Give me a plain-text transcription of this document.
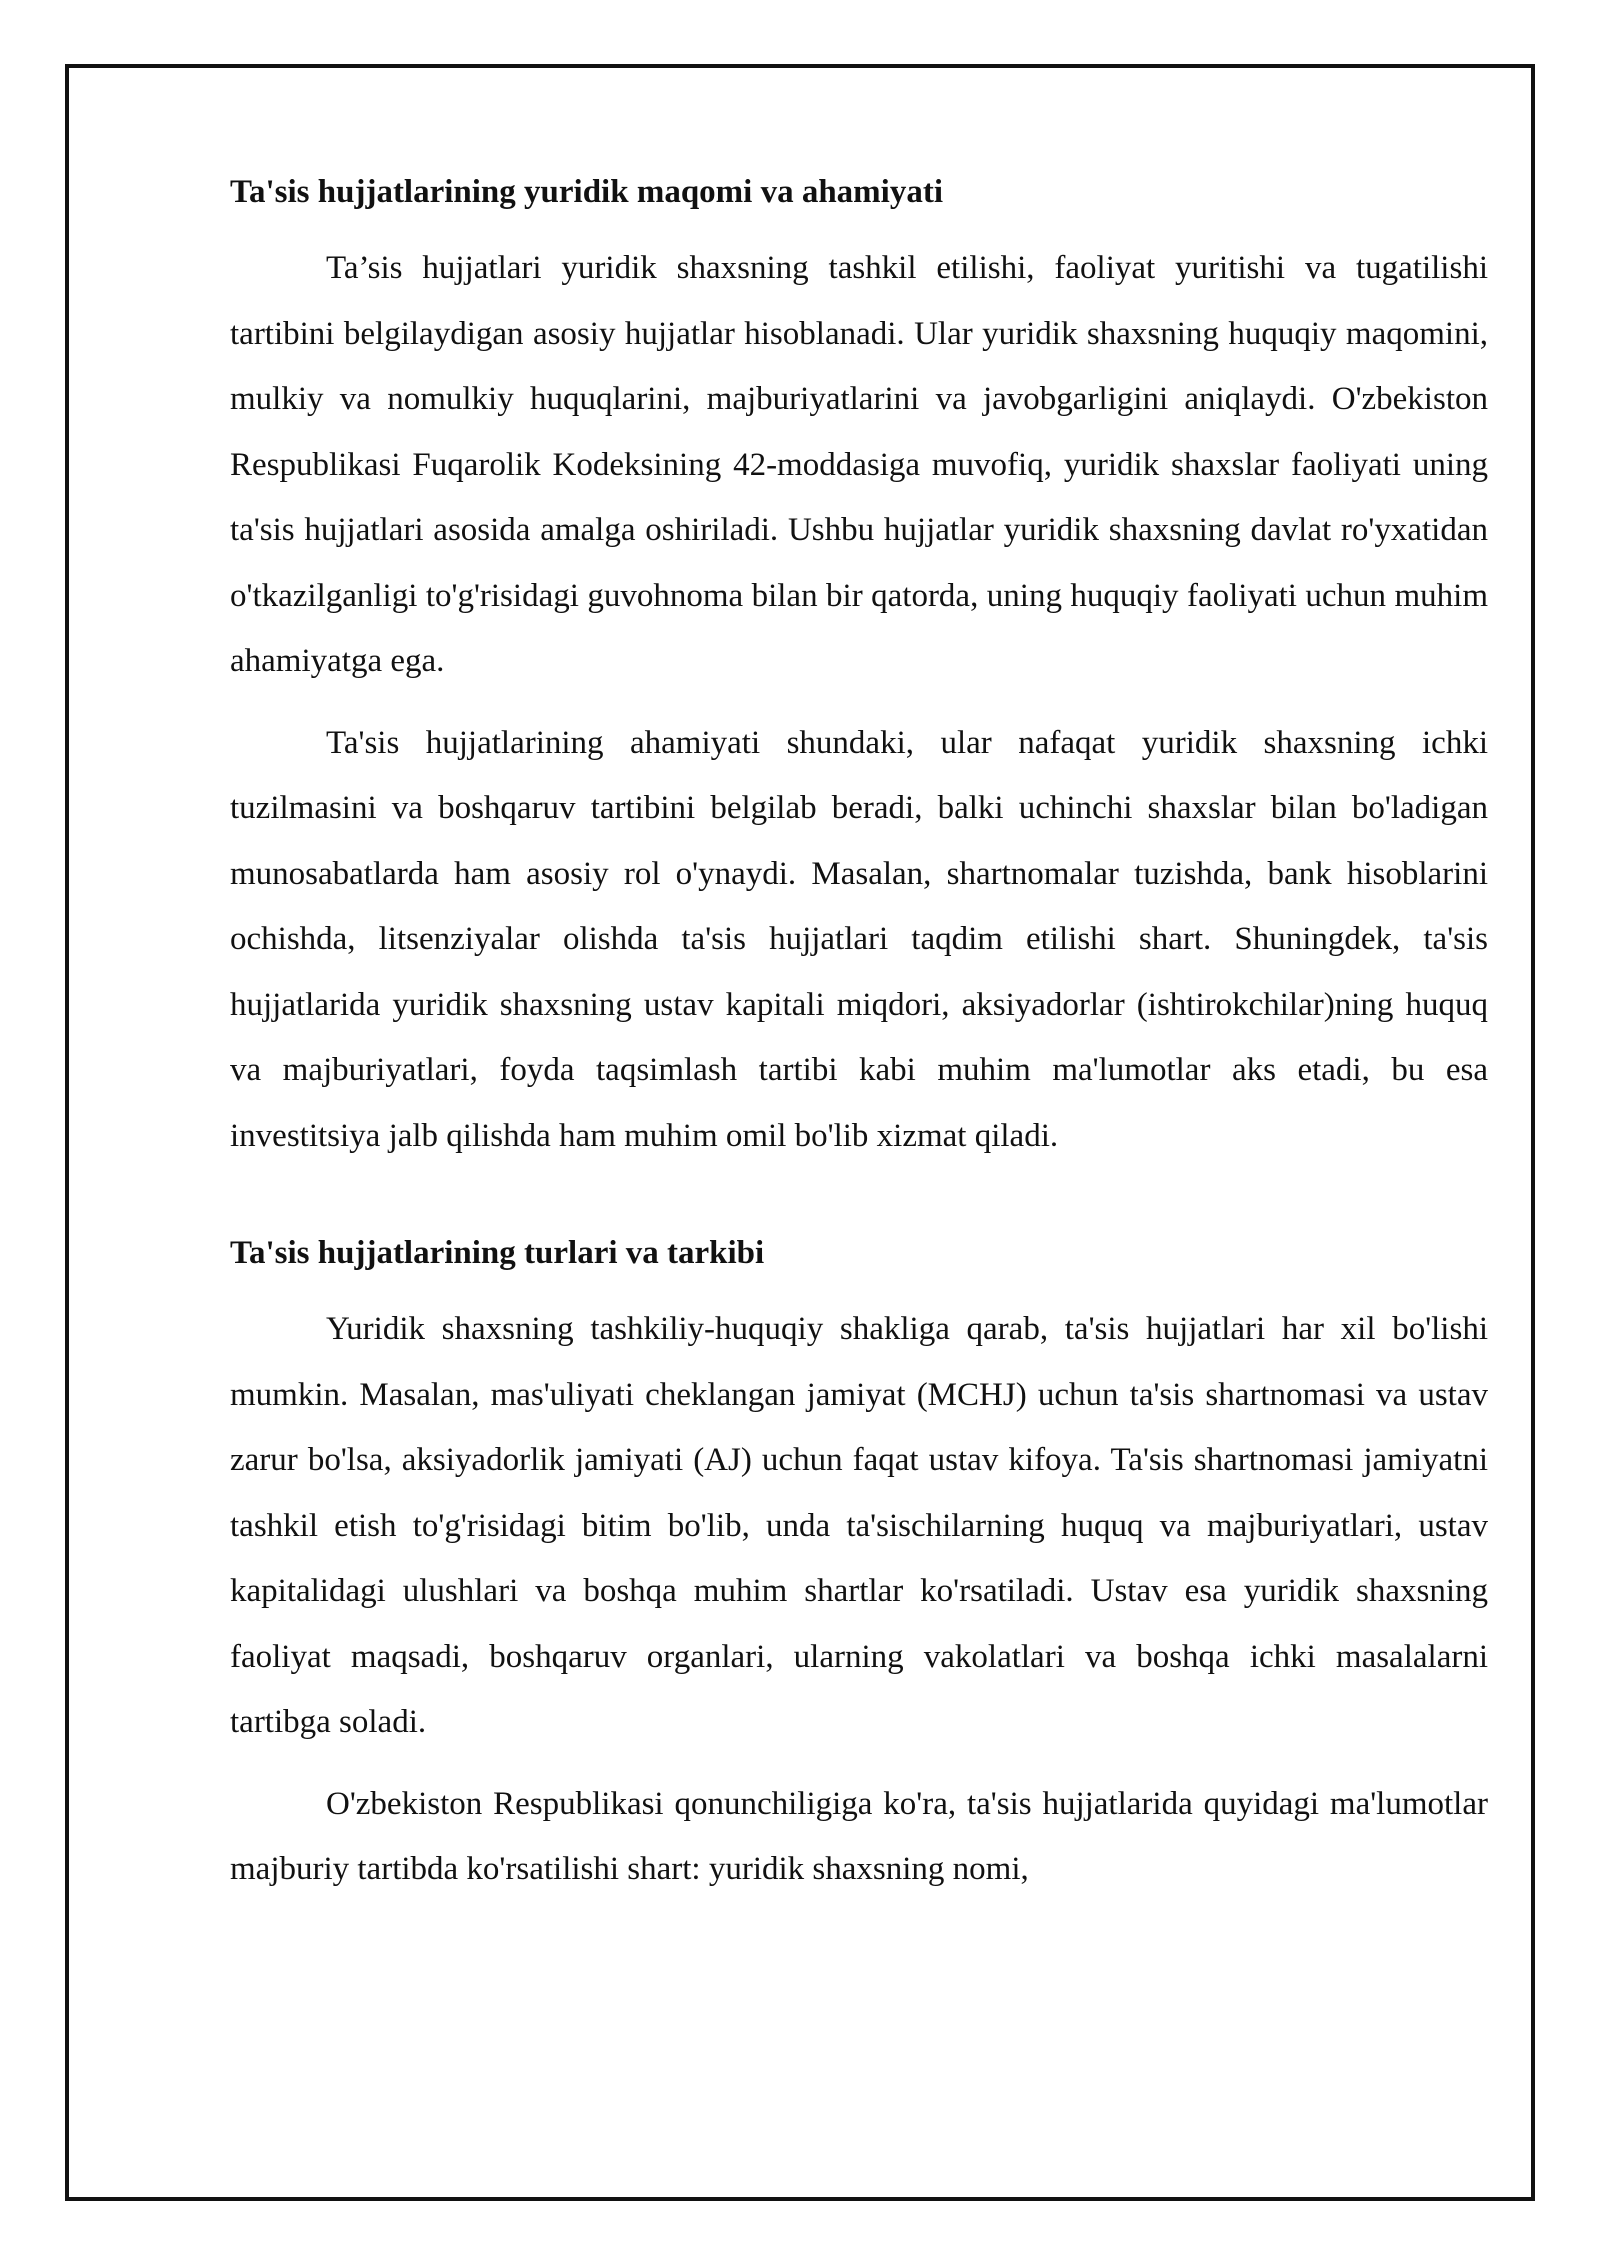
Ta'sis hujjatlarining yuridik maqomi va ahamiyati

Ta’sis hujjatlari yuridik shaxsning tashkil etilishi, faoliyat yuritishi va tugatilishi tartibini belgilaydigan asosiy hujjatlar hisoblanadi. Ular yuridik shaxsning huquqiy maqomini, mulkiy va nomulkiy huquqlarini, majburiyatlarini va javobgarligini aniqlaydi. O'zbekiston Respublikasi Fuqarolik Kodeksining 42-moddasiga muvofiq, yuridik shaxslar faoliyati uning ta'sis hujjatlari asosida amalga oshiriladi. Ushbu hujjatlar yuridik shaxsning davlat ro'yxatidan o'tkazilganligi to'g'risidagi guvohnoma bilan bir qatorda, uning huquqiy faoliyati uchun muhim ahamiyatga ega.

Ta'sis hujjatlarining ahamiyati shundaki, ular nafaqat yuridik shaxsning ichki tuzilmasini va boshqaruv tartibini belgilab beradi, balki uchinchi shaxslar bilan bo'ladigan munosabatlarda ham asosiy rol o'ynaydi. Masalan, shartnomalar tuzishda, bank hisoblarini ochishda, litsenziyalar olishda ta'sis hujjatlari taqdim etilishi shart. Shuningdek, ta'sis hujjatlarida yuridik shaxsning ustav kapitali miqdori, aksiyadorlar (ishtirokchilar)ning huquq va majburiyatlari, foyda taqsimlash tartibi kabi muhim ma'lumotlar aks etadi, bu esa investitsiya jalb qilishda ham muhim omil bo'lib xizmat qiladi.

Ta'sis hujjatlarining turlari va tarkibi

Yuridik shaxsning tashkiliy-huquqiy shakliga qarab, ta'sis hujjatlari har xil bo'lishi mumkin. Masalan, mas'uliyati cheklangan jamiyat (MCHJ) uchun ta'sis shartnomasi va ustav zarur bo'lsa, aksiyadorlik jamiyati (AJ) uchun faqat ustav kifoya. Ta'sis shartnomasi jamiyatni tashkil etish to'g'risidagi bitim bo'lib, unda ta'sischilarning huquq va majburiyatlari, ustav kapitalidagi ulushlari va boshqa muhim shartlar ko'rsatiladi. Ustav esa yuridik shaxsning faoliyat maqsadi, boshqaruv organlari, ularning vakolatlari va boshqa ichki masalalarni tartibga soladi.

O'zbekiston Respublikasi qonunchiligiga ko'ra, ta'sis hujjatlarida quyidagi ma'lumotlar majburiy tartibda ko'rsatilishi shart: yuridik shaxsning nomi,
